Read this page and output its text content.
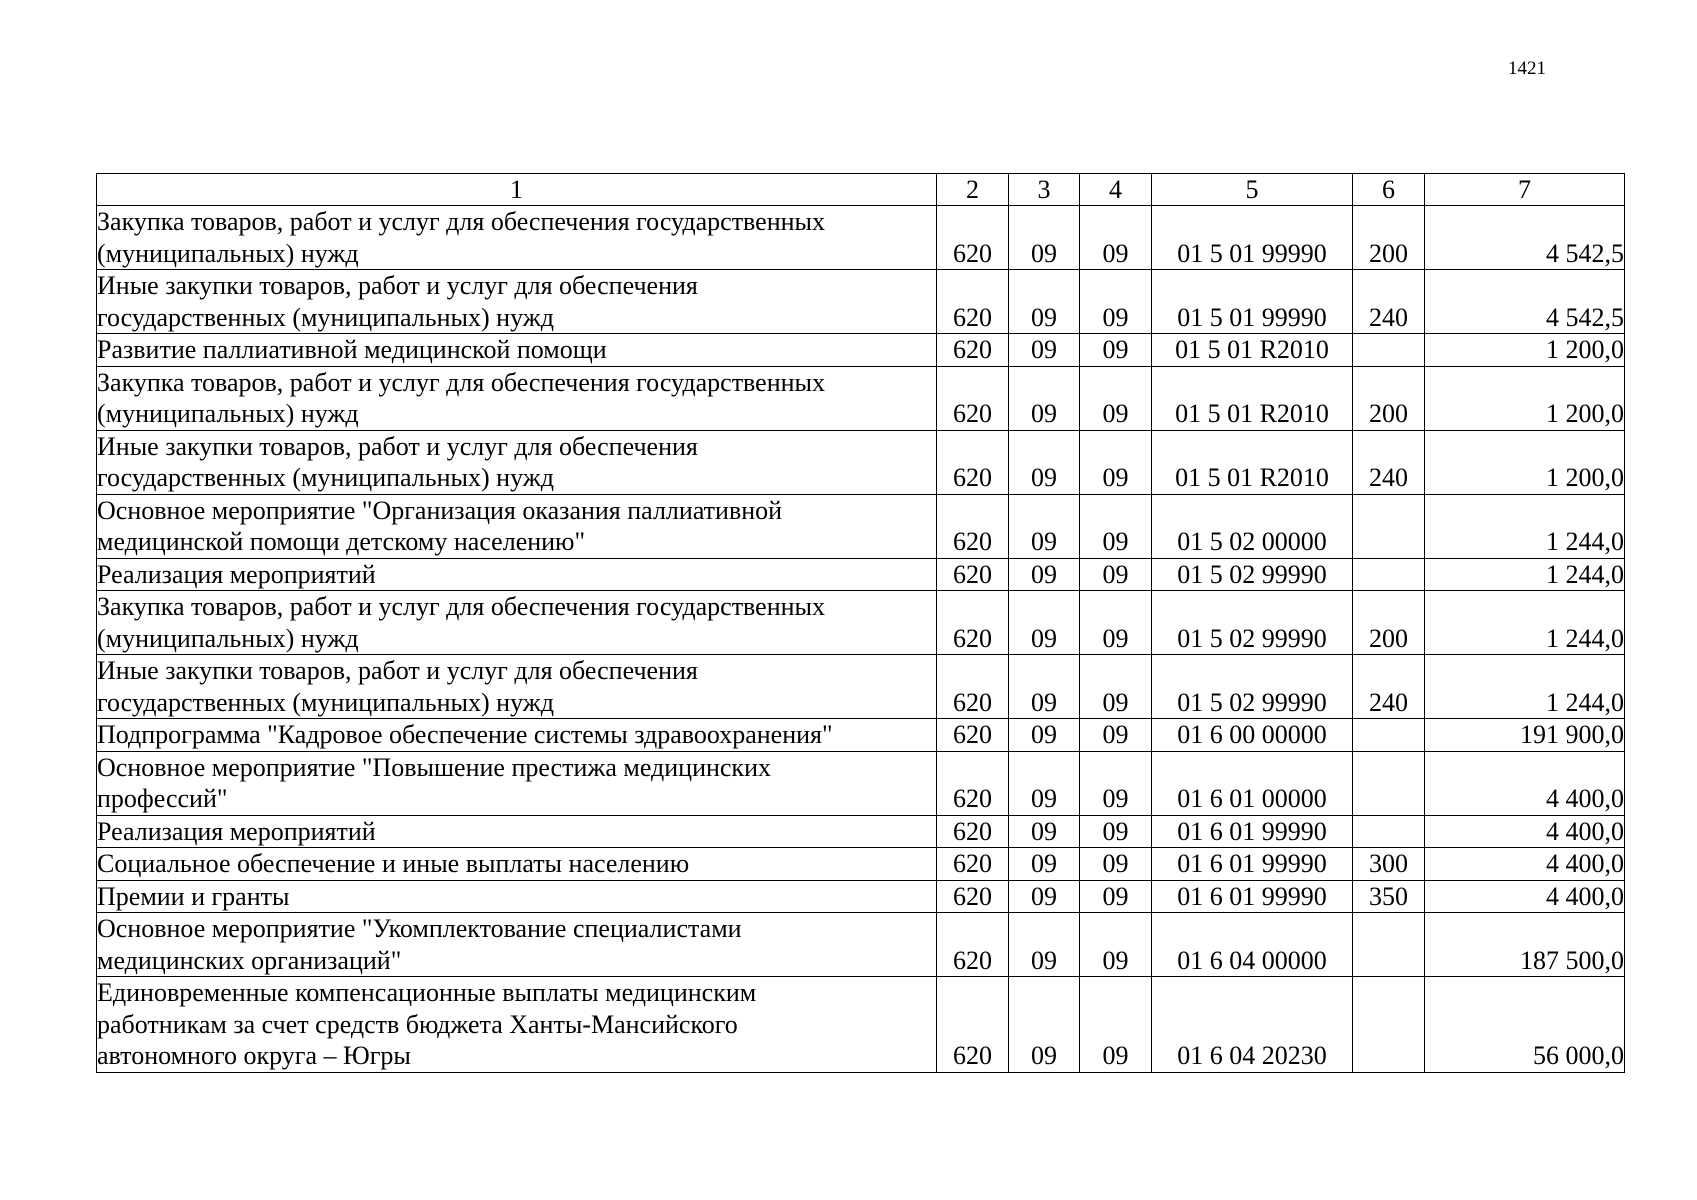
1421
1	2	3	4	5	6	7
Закупка товаров, работ и услуг для обеспечения государственных
(муниципальных) нужд	620	09	09	01 5 01 99990	200	4 542,5
Иные закупки товаров, работ и услуг для обеспечения
государственных (муниципальных) нужд	620	09	09	01 5 01 99990	240	4 542,5
Развитие паллиативной медицинской помощи	620	09	09	01 5 01 R2010		1 200,0
Закупка товаров, работ и услуг для обеспечения государственных
(муниципальных) нужд	620	09	09	01 5 01 R2010	200	1 200,0
Иные закупки товаров, работ и услуг для обеспечения
государственных (муниципальных) нужд	620	09	09	01 5 01 R2010	240	1 200,0
Основное мероприятие "Организация оказания паллиативной
медицинской помощи детскому населению"	620	09	09	01 5 02 00000		1 244,0
Реализация мероприятий	620	09	09	01 5 02 99990		1 244,0
Закупка товаров, работ и услуг для обеспечения государственных
(муниципальных) нужд	620	09	09	01 5 02 99990	200	1 244,0
Иные закупки товаров, работ и услуг для обеспечения
государственных (муниципальных) нужд	620	09	09	01 5 02 99990	240	1 244,0
Подпрограмма "Кадровое обеспечение системы здравоохранения"	620	09	09	01 6 00 00000		191 900,0
Основное мероприятие "Повышение престижа медицинских
профессий"	620	09	09	01 6 01 00000		4 400,0
Реализация мероприятий	620	09	09	01 6 01 99990		4 400,0
Социальное обеспечение и иные выплаты населению	620	09	09	01 6 01 99990	300	4 400,0
Премии и гранты	620	09	09	01 6 01 99990	350	4 400,0
Основное мероприятие "Укомплектование специалистами
медицинских организаций"	620	09	09	01 6 04 00000		187 500,0
Единовременные компенсационные выплаты медицинским
работникам за счет средств бюджета Ханты-Мансийского
автономного округа – Югры	620	09	09	01 6 04 20230		56 000,0
